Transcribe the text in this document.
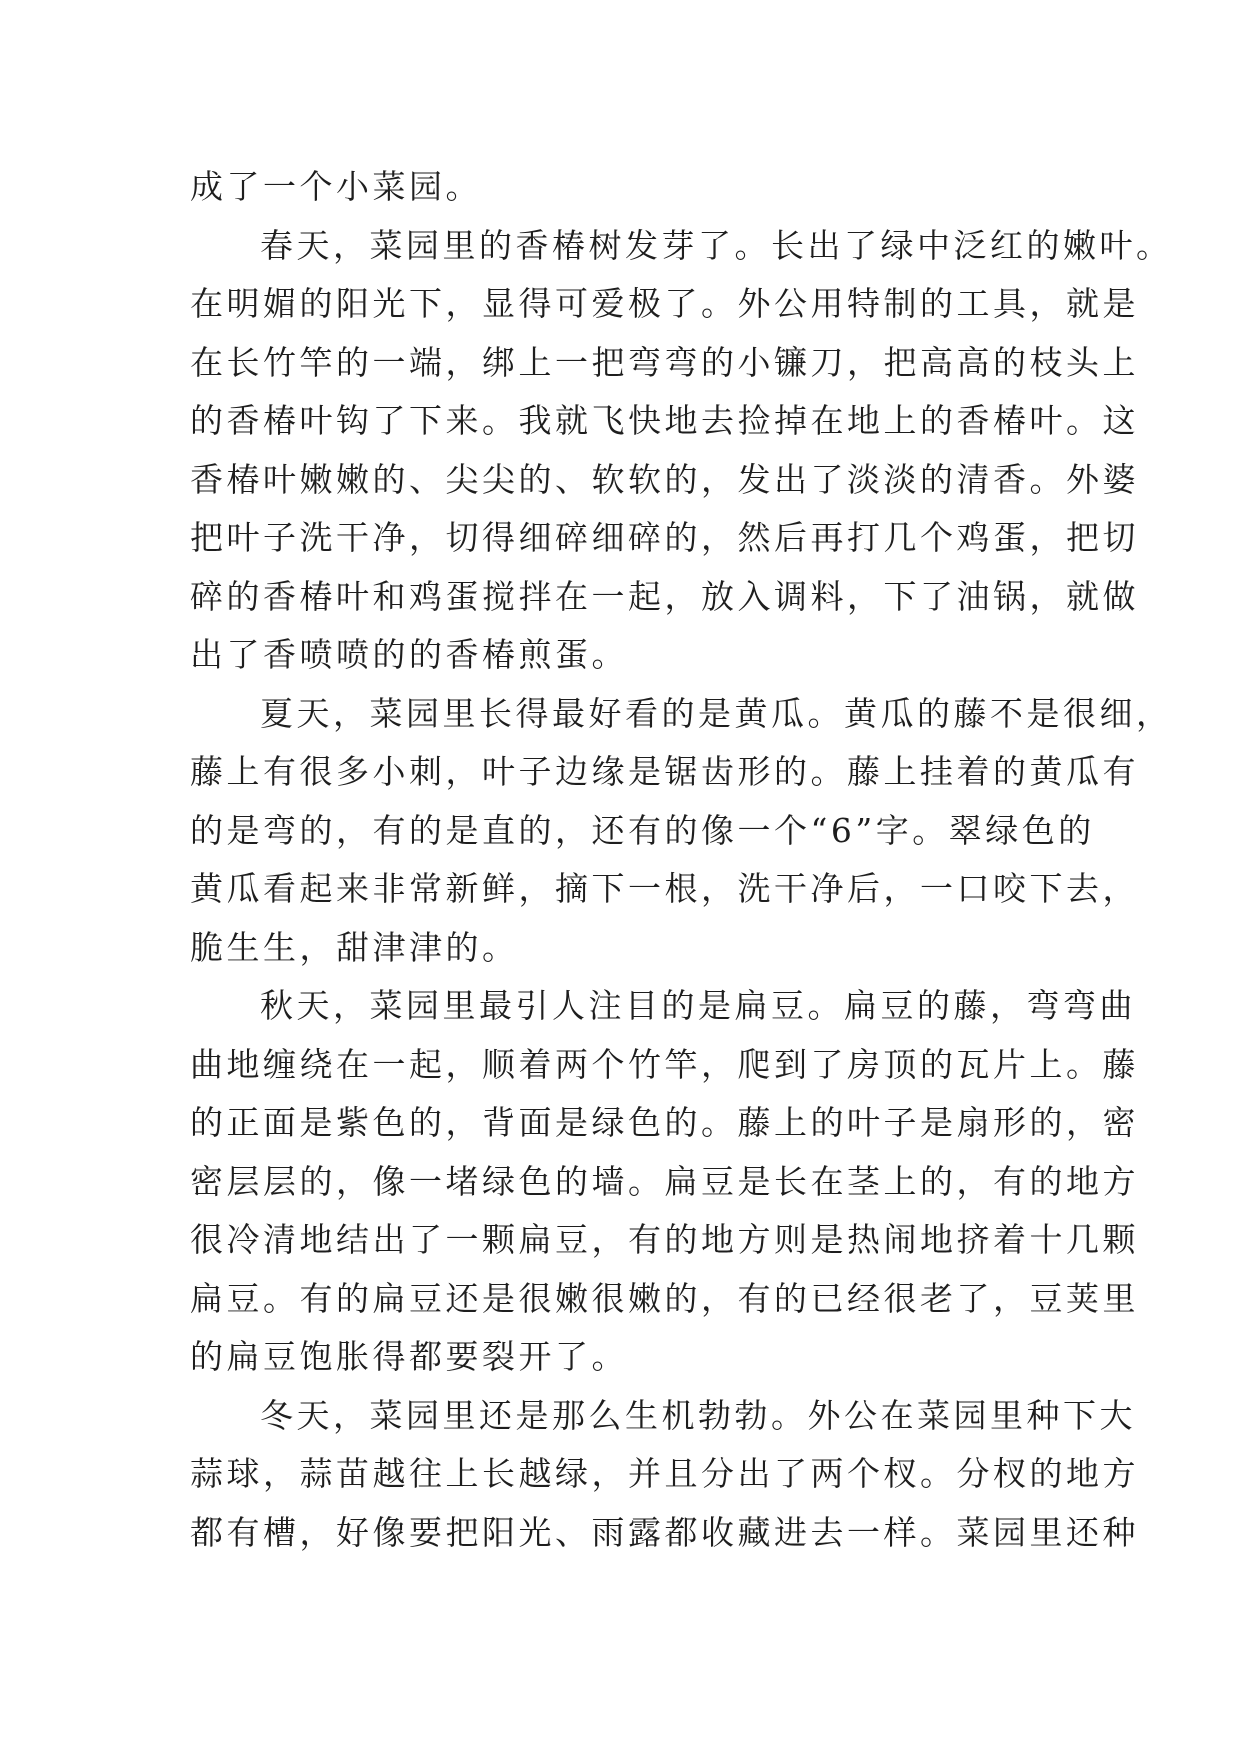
成了一个小菜园。
春天，菜园里的香椿树发芽了。长出了绿中泛红的嫩叶。
在明媚的阳光下，显得可爱极了。外公用特制的工具，就是
在长竹竿的一端，绑上一把弯弯的小镰刀，把高高的枝头上
的香椿叶钩了下来。我就飞快地去捡掉在地上的香椿叶。这
香椿叶嫩嫩的、尖尖的、软软的，发出了淡淡的清香。外婆
把叶子洗干净，切得细碎细碎的，然后再打几个鸡蛋，把切
碎的香椿叶和鸡蛋搅拌在一起，放入调料，下了油锅，就做
出了香喷喷的的香椿煎蛋。
夏天，菜园里长得最好看的是黄瓜。黄瓜的藤不是很细，
藤上有很多小刺，叶子边缘是锯齿形的。藤上挂着的黄瓜有
的是弯的，有的是直的，还有的像一个“6”字。翠绿色的
黄瓜看起来非常新鲜，摘下一根，洗干净后，一口咬下去，
脆生生，甜津津的。
秋天，菜园里最引人注目的是扁豆。扁豆的藤，弯弯曲
曲地缠绕在一起，顺着两个竹竿，爬到了房顶的瓦片上。藤
的正面是紫色的，背面是绿色的。藤上的叶子是扇形的，密
密层层的，像一堵绿色的墙。扁豆是长在茎上的，有的地方
很冷清地结出了一颗扁豆，有的地方则是热闹地挤着十几颗
扁豆。有的扁豆还是很嫩很嫩的，有的已经很老了，豆荚里
的扁豆饱胀得都要裂开了。
冬天，菜园里还是那么生机勃勃。外公在菜园里种下大
蒜球，蒜苗越往上长越绿，并且分出了两个杈。分杈的地方
都有槽，好像要把阳光、雨露都收藏进去一样。菜园里还种
